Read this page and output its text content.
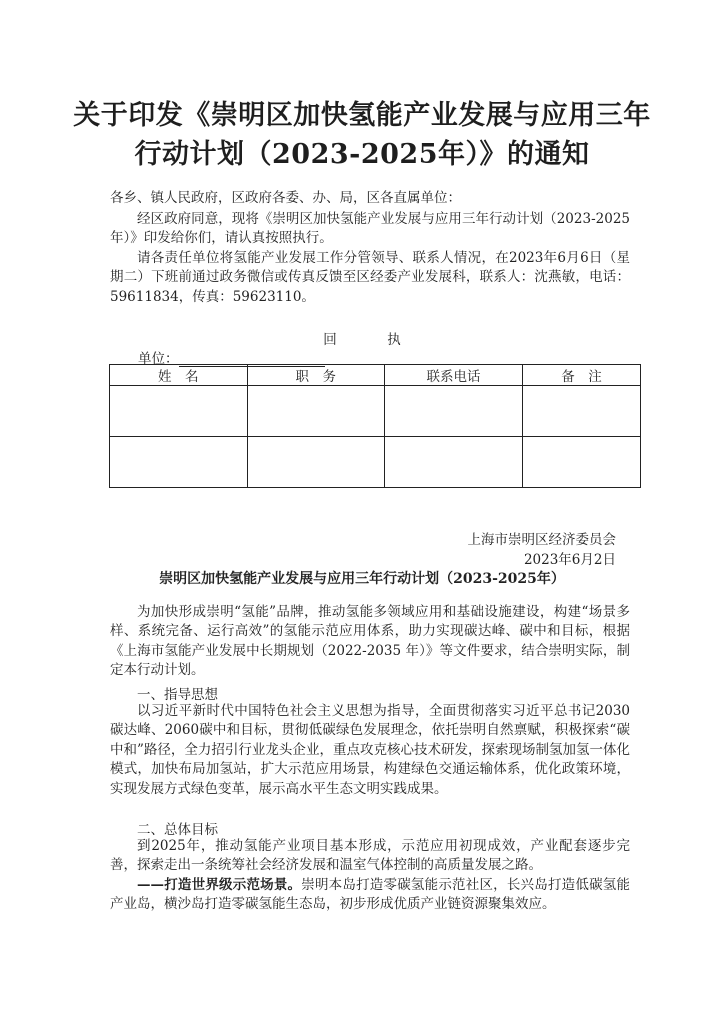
关于印发《崇明区加快氢能产业发展与应用三年
行动计划（2023-2025年）》的通知
各乡、镇人民政府，区政府各委、办、局，区各直属单位：
经区政府同意，现将《崇明区加快氢能产业发展与应用三年行动计划（2023-2025年）》印发给你们，请认真按照执行。
请各责任单位将氢能产业发展工作分管领导、联系人情况，在2023年6月6日（星期二）下班前通过政务微信或传真反馈至区经委产业发展科，联系人：沈燕敏，电话：59611834，传真：59623110。
回	执
单位：
姓　名	职　务	联系电话	备　注

上海市崇明区经济委员会
2023年6月2日
崇明区加快氢能产业发展与应用三年行动计划（2023-2025年）
为加快形成崇明“氢能”品牌，推动氢能多领域应用和基础设施建设，构建“场景多样、系统完备、运行高效”的氢能示范应用体系，助力实现碳达峰、碳中和目标，根据《上海市氢能产业发展中长期规划（2022-2035 年）》等文件要求，结合崇明实际，制定本行动计划。
一、指导思想
以习近平新时代中国特色社会主义思想为指导，全面贯彻落实习近平总书记2030碳达峰、2060碳中和目标，贯彻低碳绿色发展理念，依托崇明自然禀赋，积极探索“碳中和”路径，全力招引行业龙头企业，重点攻克核心技术研发，探索现场制氢加氢一体化模式，加快布局加氢站，扩大示范应用场景，构建绿色交通运输体系，优化政策环境，实现发展方式绿色变革，展示高水平生态文明实践成果。
二、总体目标
到2025年，推动氢能产业项目基本形成，示范应用初现成效，产业配套逐步完善，探索走出一条统筹社会经济发展和温室气体控制的高质量发展之路。
——打造世界级示范场景。崇明本岛打造零碳氢能示范社区，长兴岛打造低碳氢能产业岛，横沙岛打造零碳氢能生态岛，初步形成优质产业链资源聚集效应。
